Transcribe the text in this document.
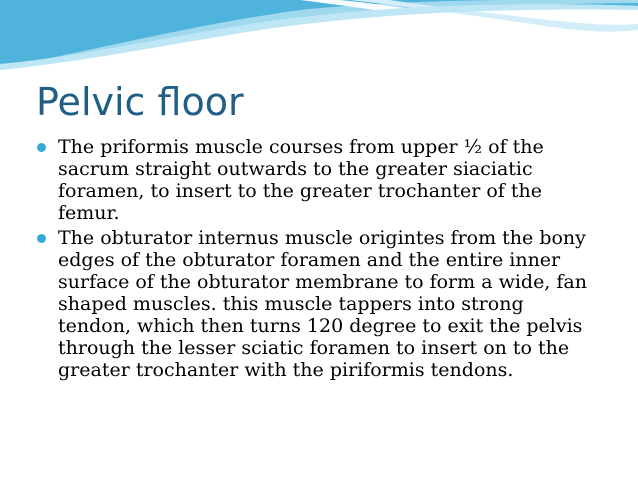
Pelvic floor
The priformis muscle courses from upper ½ of the sacrum straight outwards to the greater siaciatic foramen, to insert to the greater trochanter of the femur.
The obturator internus muscle origintes from the bony edges of the obturator foramen and the entire inner surface of the obturator membrane to form a wide, fan shaped muscles. this muscle tappers into strong tendon, which then turns 120 degree to exit the pelvis through the lesser sciatic foramen to insert on to the greater trochanter with the piriformis tendons.
